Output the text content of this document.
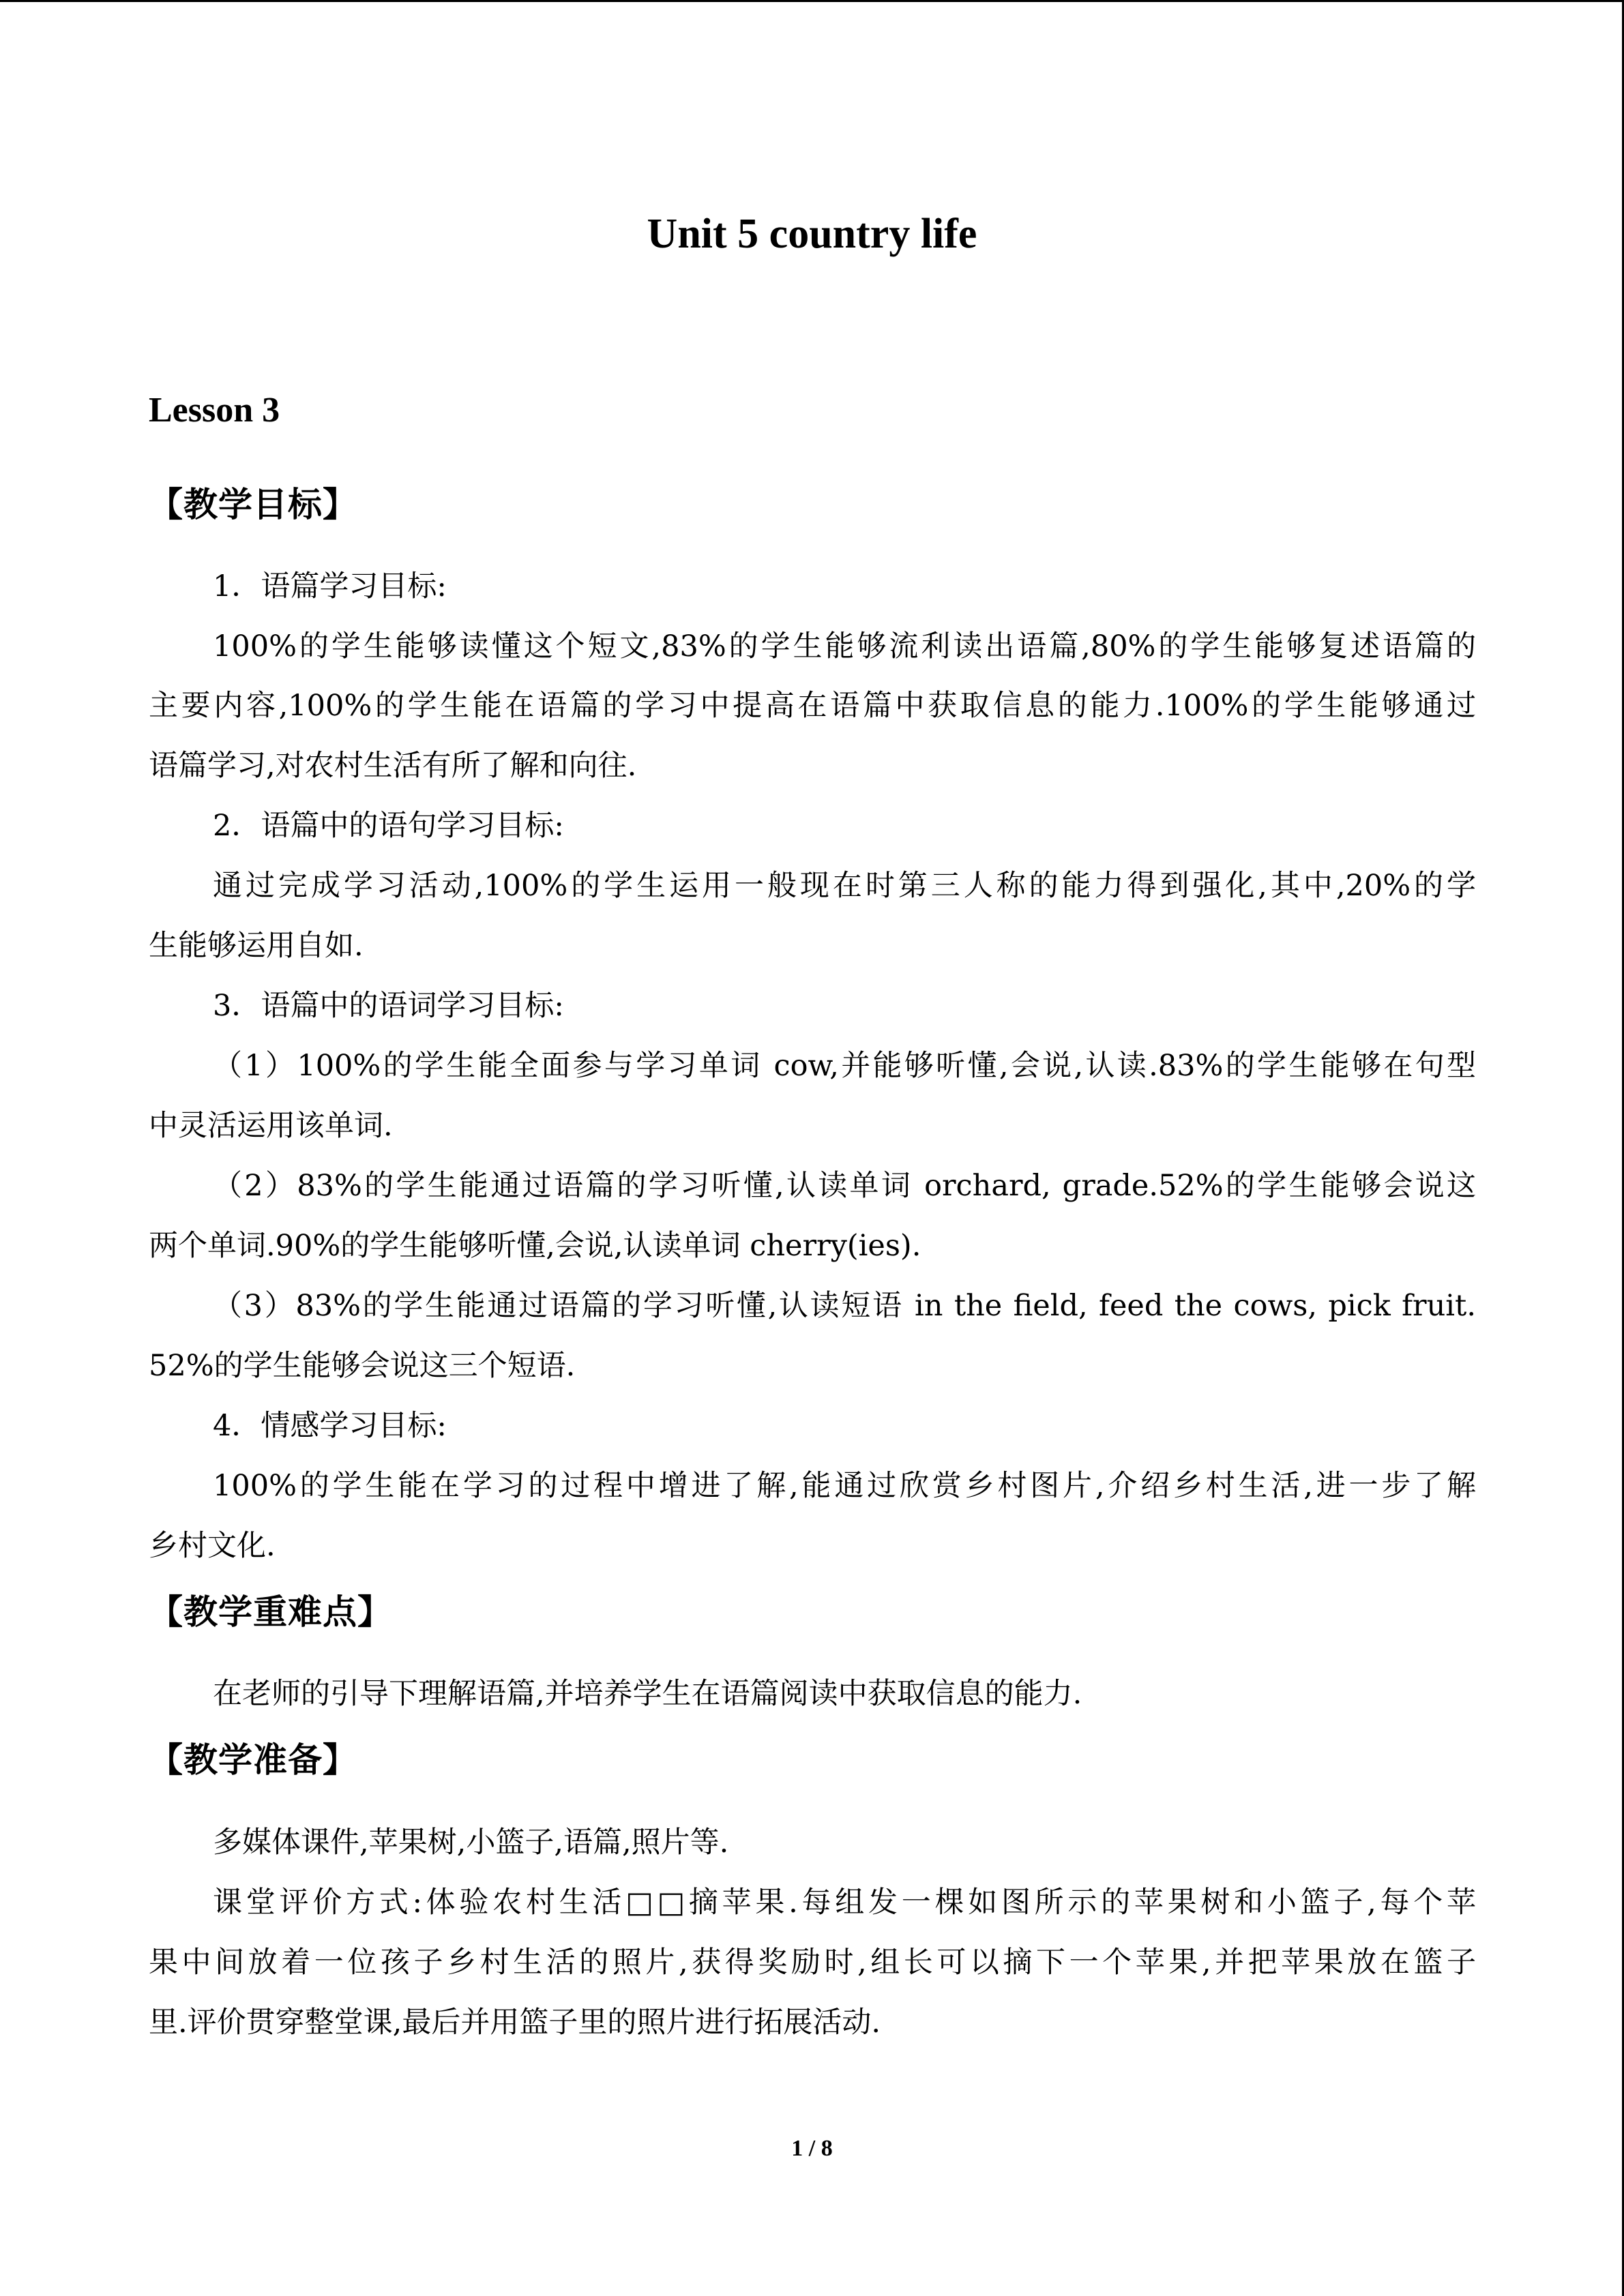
Unit 5 country life
Lesson 3
【教学目标】
1．语篇学习目标:
100%的学生能够读懂这个短文,83%的学生能够流利读出语篇,80%的学生能够复述语篇的
主要内容,100%的学生能在语篇的学习中提高在语篇中获取信息的能力.100%的学生能够通过
语篇学习,对农村生活有所了解和向往.
2．语篇中的语句学习目标:
通过完成学习活动,100%的学生运用一般现在时第三人称的能力得到强化,其中,20%的学
生能够运用自如.
3．语篇中的语词学习目标:
（1）100%的学生能全面参与学习单词 cow,并能够听懂,会说,认读.83%的学生能够在句型
中灵活运用该单词.
（2）83%的学生能通过语篇的学习听懂,认读单词 orchard, grade.52%的学生能够会说这
两个单词.90%的学生能够听懂,会说,认读单词 cherry(ies).
（3）83%的学生能通过语篇的学习听懂,认读短语 in the field, feed the cows, pick fruit.
52%的学生能够会说这三个短语.
4．情感学习目标:
100%的学生能在学习的过程中增进了解,能通过欣赏乡村图片,介绍乡村生活,进一步了解
乡村文化.
【教学重难点】
在老师的引导下理解语篇,并培养学生在语篇阅读中获取信息的能力.
【教学准备】
多媒体课件,苹果树,小篮子,语篇,照片等.
课堂评价方式:体验农村生活□□摘苹果.每组发一棵如图所示的苹果树和小篮子,每个苹
果中间放着一位孩子乡村生活的照片,获得奖励时,组长可以摘下一个苹果,并把苹果放在篮子
里.评价贯穿整堂课,最后并用篮子里的照片进行拓展活动.
1 / 8
